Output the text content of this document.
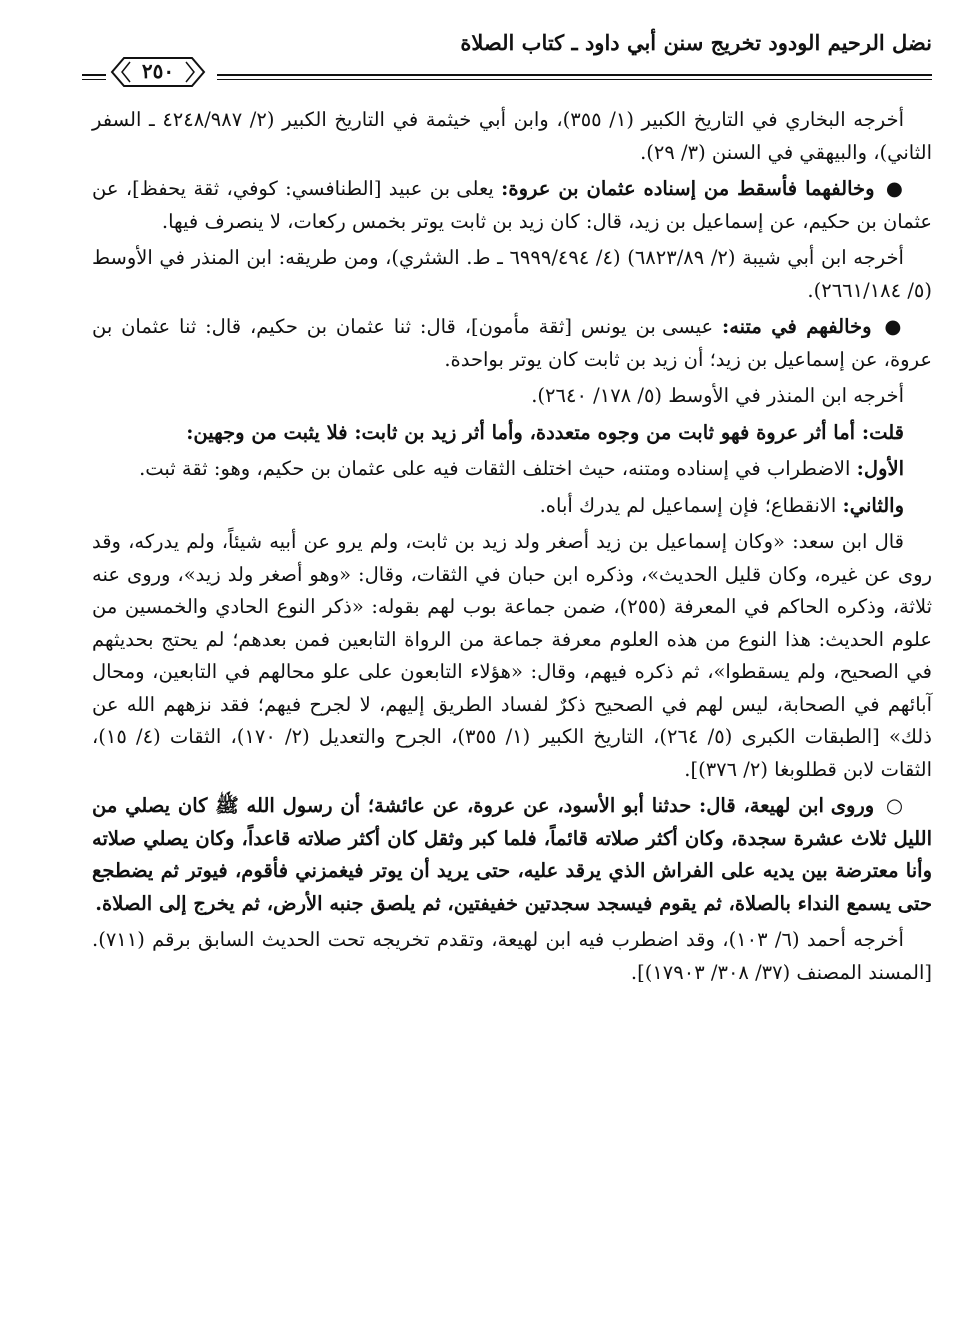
نضل الرحيم الودود تخريج سنن أبي داود ـ كتاب الصلاة
٢٥٠

أخرجه البخاري في التاريخ الكبير (١/ ٣٥٥)، وابن أبي خيثمة في التاريخ الكبير (٢/ ٤٢٤٨/٩٨٧ ـ السفر الثاني)، والبيهقي في السنن (٣/ ٢٩).

● وخالفهما فأسقط من إسناده عثمان بن عروة: يعلى بن عبيد [الطنافسي: كوفي، ثقة يحفظ]، عن عثمان بن حكيم، عن إسماعيل بن زيد، قال: كان زيد بن ثابت يوتر بخمس ركعات، لا ينصرف فيها.

أخرجه ابن أبي شيبة (٢/ ٦٨٢٣/٨٩) (٤/ ٦٩٩٩/٤٩٤ ـ ط. الشثري)، ومن طريقه: ابن المنذر في الأوسط (٥/ ٢٦٦١/١٨٤).

● وخالفهم في متنه: عيسى بن يونس [ثقة مأمون]، قال: ثنا عثمان بن حكيم، قال: ثنا عثمان بن عروة، عن إسماعيل بن زيد؛ أن زيد بن ثابت كان يوتر بواحدة.

أخرجه ابن المنذر في الأوسط (٥/ ١٧٨/ ٢٦٤٠).

قلت: أما أثر عروة فهو ثابت من وجوه متعددة، وأما أثر زيد بن ثابت: فلا يثبت من وجهين:

الأول: الاضطراب في إسناده ومتنه، حيث اختلف الثقات فيه على عثمان بن حكيم، وهو: ثقة ثبت.

والثاني: الانقطاع؛ فإن إسماعيل لم يدرك أباه.

قال ابن سعد: «وكان إسماعيل بن زيد أصغر ولد زيد بن ثابت، ولم يرو عن أبيه شيئاً، ولم يدركه، وقد روى عن غيره، وكان قليل الحديث»، وذكره ابن حبان في الثقات، وقال: «وهو أصغر ولد زيد»، وروى عنه ثلاثة، وذكره الحاكم في المعرفة (٢٥٥)، ضمن جماعة بوب لهم بقوله: «ذكر النوع الحادي والخمسين من علوم الحديث: هذا النوع من هذه العلوم معرفة جماعة من الرواة التابعين فمن بعدهم؛ لم يحتج بحديثهم في الصحيح، ولم يسقطوا»، ثم ذكره فيهم، وقال: «هؤلاء التابعون على علو محالهم في التابعين، ومحال آبائهم في الصحابة، ليس لهم في الصحيح ذكرٌ لفساد الطريق إليهم، لا لجرح فيهم؛ فقد نزههم الله عن ذلك» [الطبقات الكبرى (٥/ ٢٦٤)، التاريخ الكبير (١/ ٣٥٥)، الجرح والتعديل (٢/ ١٧٠)، الثقات (٤/ ١٥)، الثقات لابن قطلوبغا (٢/ ٣٧٦)].

○ وروى ابن لهيعة، قال: حدثنا أبو الأسود، عن عروة، عن عائشة؛ أن رسول الله ﷺ كان يصلي من الليل ثلاث عشرة سجدة، وكان أكثر صلاته قائماً، فلما كبر وثقل كان أكثر صلاته قاعداً، وكان يصلي صلاته وأنا معترضة بين يديه على الفراش الذي يرقد عليه، حتى يريد أن يوتر فيغمزني فأقوم، فيوتر ثم يضطجع حتى يسمع النداء بالصلاة، ثم يقوم فيسجد سجدتين خفيفتين، ثم يلصق جنبه الأرض، ثم يخرج إلى الصلاة.

أخرجه أحمد (٦/ ١٠٣)، وقد اضطرب فيه ابن لهيعة، وتقدم تخريجه تحت الحديث السابق برقم (٧١١). [المسند المصنف (٣٧/ ٣٠٨/ ١٧٩٠٣)].
